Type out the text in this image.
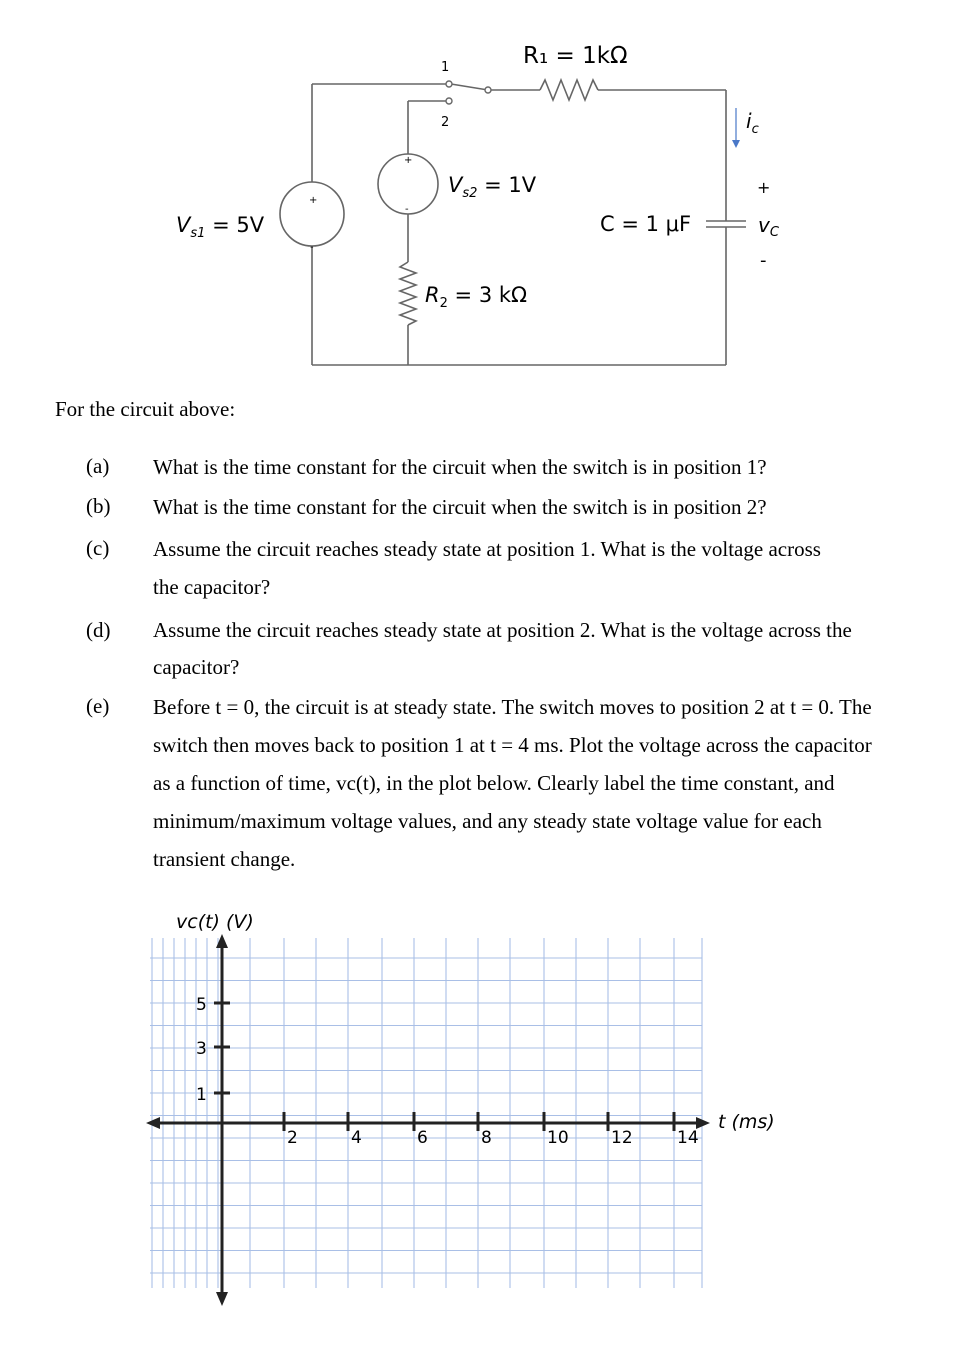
+
-
+
-
1
2
R₁ = 1kΩ
$i_c$
$V_{s2} = 1V$	+
$V_{s1} = 5V$	C = 1 μF	$v_C$
-
$R_2 = 3$ kΩ
For the circuit above:
(a) What is the time constant for the circuit when the switch is in position 1?
(b) What is the time constant for the circuit when the switch is in position 2?
(c) Assume the circuit reaches steady state at position 1. What is the voltage across
the capacitor?
(d) Assume the circuit reaches steady state at position 2. What is the voltage across the
capacitor?
(e) Before t = 0, the circuit is at steady state. The switch moves to position 2 at t = 0. The
switch then moves back to position 1 at t = 4 ms. Plot the voltage across the capacitor
as a function of time, vc(t), in the plot below. Clearly label the time constant, and
minimum/maximum voltage values, and any steady state voltage value for each
transient change.
5
3
1
2	4	6	8	10 12	14
vc(t) (V)
t (ms)
